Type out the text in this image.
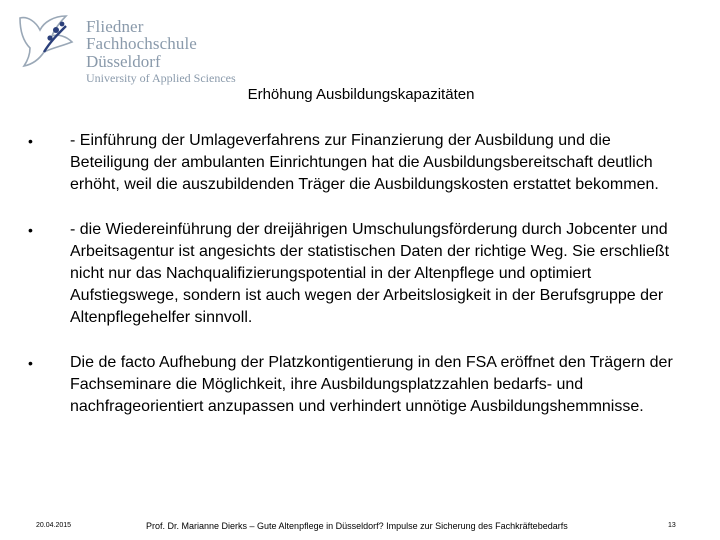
Fliedner Fachhochschule
Düsseldorf
University of Applied Sciences
Erhöhung Ausbildungskapazitäten
• - Einführung der Umlageverfahrens zur Finanzierung der Ausbildung und die Beteiligung der ambulanten Einrichtungen hat die Ausbildungsbereitschaft deutlich erhöht, weil die auszubildenden Träger die Ausbildungskosten erstattet bekommen.
• - die Wiedereinführung der dreijährigen Umschulungsförderung durch Jobcenter und Arbeitsagentur ist angesichts der statistischen Daten der richtige Weg. Sie erschließt nicht nur das Nachqualifizierungspotential in der Altenpflege und optimiert Aufstiegswege, sondern ist auch wegen der Arbeitslosigkeit in der Berufsgruppe der Altenpflegehelfer sinnvoll.
• Die de facto Aufhebung der Platzkontigentierung in den FSA eröffnet den Trägern der Fachseminare die Möglichkeit, ihre Ausbildungsplatzzahlen bedarfs- und nachfrageorientiert anzupassen und verhindert unnötige Ausbildungshemmnisse.
20.04.2015	Prof. Dr. Marianne Dierks – Gute Altenpflege in Düsseldorf? Impulse zur Sicherung des Fachkräftebedarfs	13
